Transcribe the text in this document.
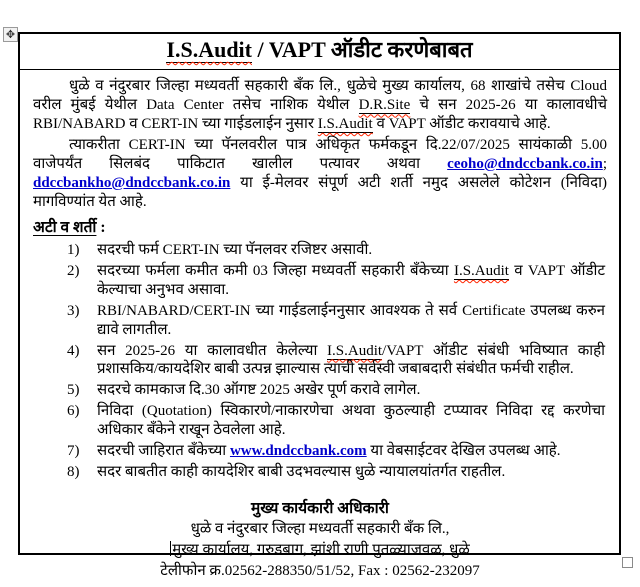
✥
I.S.Audit / VAPT ऑडीट करणेबाबत

धुळे व नंदुरबार जिल्हा मध्यवर्ती सहकारी बँक लि., धुळेचे मुख्य कार्यालय, 68 शाखांचे तसेच Cloud वरील मुंबई येथील Data Center तसेच नाशिक येथील D.R.Site चे सन 2025-26 या कालावधीचे RBI/NABARD व CERT-IN च्या गाईडलाईन नुसार I.S.Audit व VAPT ऑडीट करावयाचे आहे.

त्याकरीता CERT-IN च्या पॅनलवरील पात्र अधिकृत फर्मकडून दि.22/07/2025 सायंकाळी 5.00 वाजेपर्यंत सिलबंद पाकिटात खालील पत्यावर अथवा ceoho@dndccbank.co.in; ddccbankho@dndccbank.co.in या ई-मेलवर संपूर्ण अटी शर्ती नमुद असलेले कोटेशन (निविदा) मागविण्यांत येत आहे.

अटी व शर्ती :
1)	सदरची फर्म CERT-IN च्या पॅनलवर रजिष्टर असावी.
2)	सदरच्या फर्मला कमीत कमी 03 जिल्हा मध्यवर्ती सहकारी बँकेच्या I.S.Audit व VAPT ऑडीट केल्याचा अनुभव असावा.
3)	RBI/NABARD/CERT-IN च्या गाईडलाईननुसार आवश्यक ते सर्व Certificate उपलब्ध करुन द्यावे लागतील.
4)	सन 2025-26 या कालावधीत केलेल्या I.S.Audit/VAPT ऑडीट संबंधी भविष्यात काही प्रशासकिय/कायदेशिर बाबी उत्पन्न झाल्यास त्याची सर्वस्वी जबाबदारी संबंधीत फर्मची राहील.
5)	सदरचे कामकाज दि.30 ऑगष्ट 2025 अखेर पूर्ण करावे लागेल.
6)	निविदा (Quotation) स्विकारणे/नाकारणेचा अथवा कुठल्याही टप्प्यावर निविदा रद्द करणेचा अधिकार बँकेने राखून ठेवलेला आहे.
7)	सदरची जाहिरात बँकेच्या www.dndccbank.com या वेबसाईटवर देखिल उपलब्ध आहे.
8)	सदर बाबतीत काही कायदेशिर बाबी उदभवल्यास धुळे न्यायालयांतर्गत राहतील.
मुख्य कार्यकारी अधिकारी
धुळे व नंदुरबार जिल्हा मध्यवर्ती सहकारी बँक लि.,
मुख्य कार्यालय, गरुडबाग, झांशी राणी पुतळ्याजवळ, धुळे
टेलीफोन क्र.02562-288350/51/52, Fax : 02562-232097
